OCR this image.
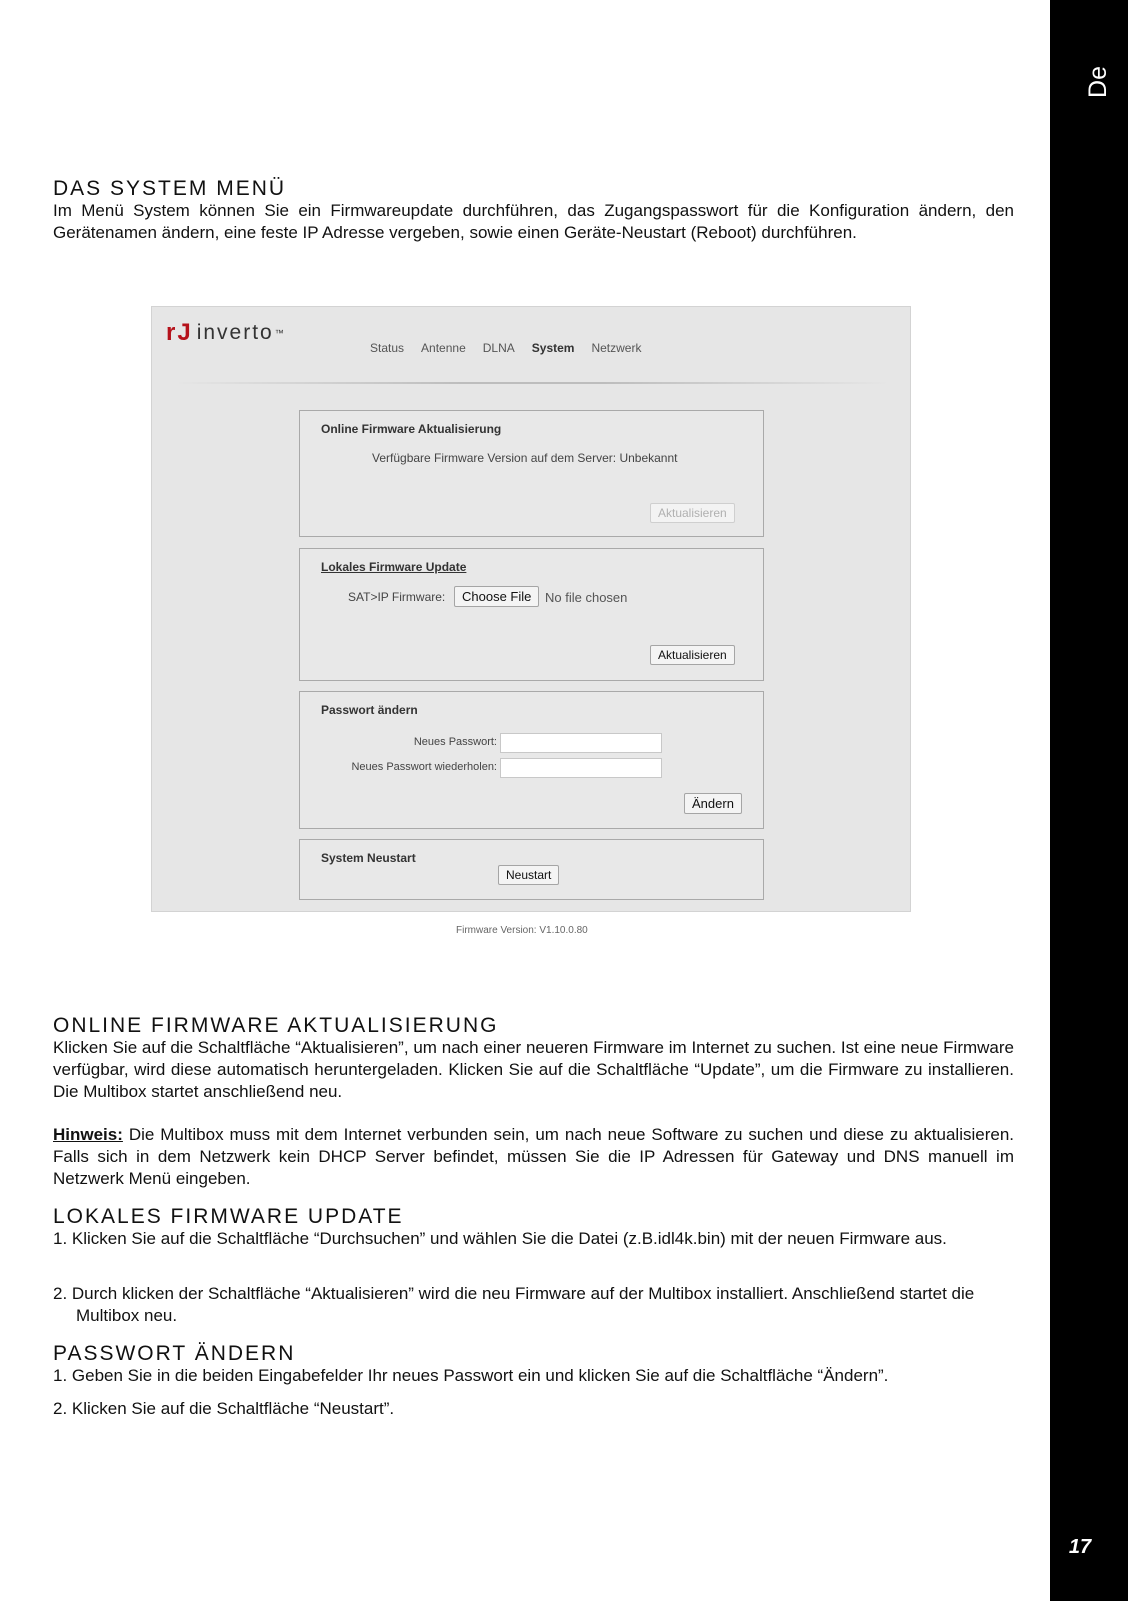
De
17
DAS SYSTEM MENÜ

Im Menü System können Sie ein Firmwareupdate durchführen, das Zugangspasswort für die Konfiguration ändern, den Gerätenamen ändern, eine feste IP Adresse vergeben, sowie einen Geräte-Neustart (Reboot) durchführen.

rJ inverto ™
Status Antenne DLNA System Netzwerk
Online Firmware Aktualisierung
Verfügbare Firmware Version auf dem Server: Unbekannt
Aktualisieren
Lokales Firmware Update
SAT>IP Firmware:	Choose File	No file chosen
Aktualisieren
Passwort ändern
Neues Passwort:
Neues Passwort wiederholen:
Ändern
System Neustart
Neustart
Firmware Version: V1.10.0.80
ONLINE FIRMWARE AKTUALISIERUNG

Klicken Sie auf die Schaltfläche “Aktualisieren”, um nach einer neueren Firmware im Internet zu suchen. Ist eine neue Firmware verfügbar, wird diese automatisch heruntergeladen. Klicken Sie auf die Schaltfläche “Update”, um die Firmware zu installieren. Die Multibox startet anschließend neu.

Hinweis: Die Multibox muss mit dem Internet verbunden sein, um nach neue Software zu suchen und diese zu aktualisieren. Falls sich in dem Netzwerk kein DHCP Server befindet, müssen Sie die IP Adressen für Gateway und DNS manuell im Netzwerk Menü eingeben.

LOKALES FIRMWARE UPDATE

1. Klicken Sie auf die Schaltfläche “Durchsuchen” und wählen Sie die Datei (z.B.idl4k.bin) mit der neuen Firmware aus.

2. Durch klicken der Schaltfläche “Aktualisieren” wird die neu Firmware auf der Multibox installiert. Anschließend startet die Multibox neu.

PASSWORT ÄNDERN

1. Geben Sie in die beiden Eingabefelder Ihr neues Passwort ein und klicken Sie auf die Schaltfläche “Ändern”.

2. Klicken Sie auf die Schaltfläche “Neustart”.
